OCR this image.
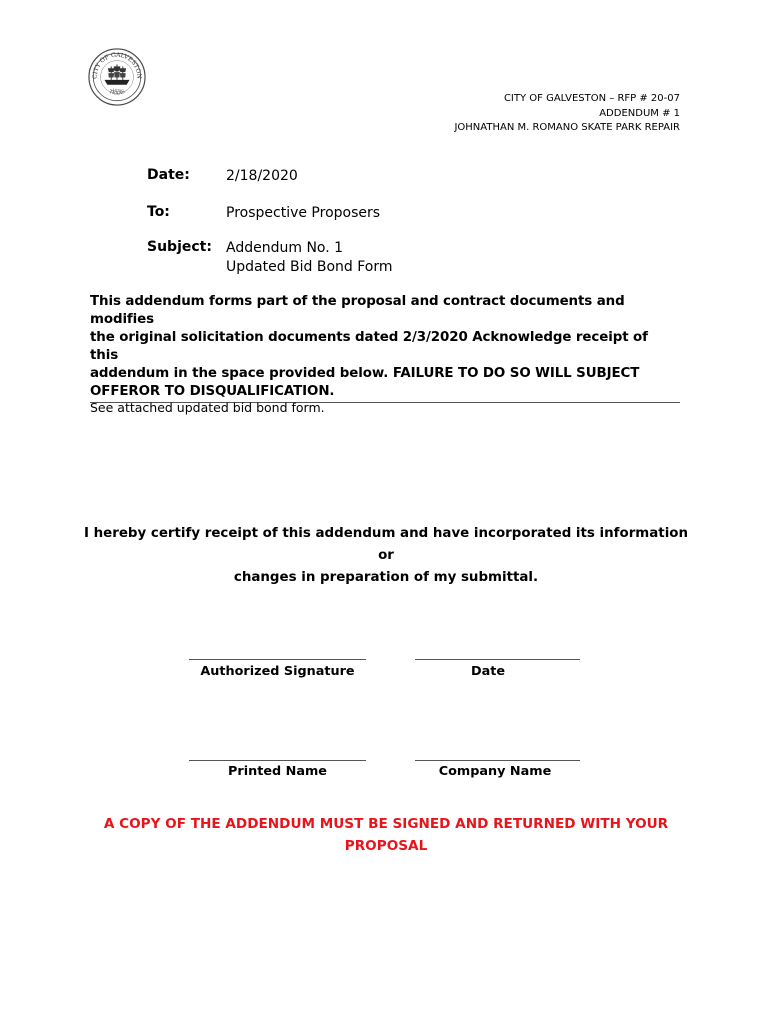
CITY OF GALVESTON
TEXAS
1839
CITY OF GALVESTON – RFP # 20-07
ADDENDUM # 1
JOHNATHAN M. ROMANO SKATE PARK REPAIR
Date:	2/18/2020
To:	Prospective Proposers
Subject: Addendum No. 1
Updated Bid Bond Form
This addendum forms part of the proposal and contract documents and modifies
the original solicitation documents dated 2/3/2020 Acknowledge receipt of this
addendum in the space provided below. FAILURE TO DO SO WILL SUBJECT
OFFEROR TO DISQUALIFICATION.
See attached updated bid bond form.
I hereby certify receipt of this addendum and have incorporated its information or
changes in preparation of my submittal.
Authorized Signature	Date
Printed Name	Company Name
A COPY OF THE ADDENDUM MUST BE SIGNED AND RETURNED WITH YOUR
PROPOSAL
